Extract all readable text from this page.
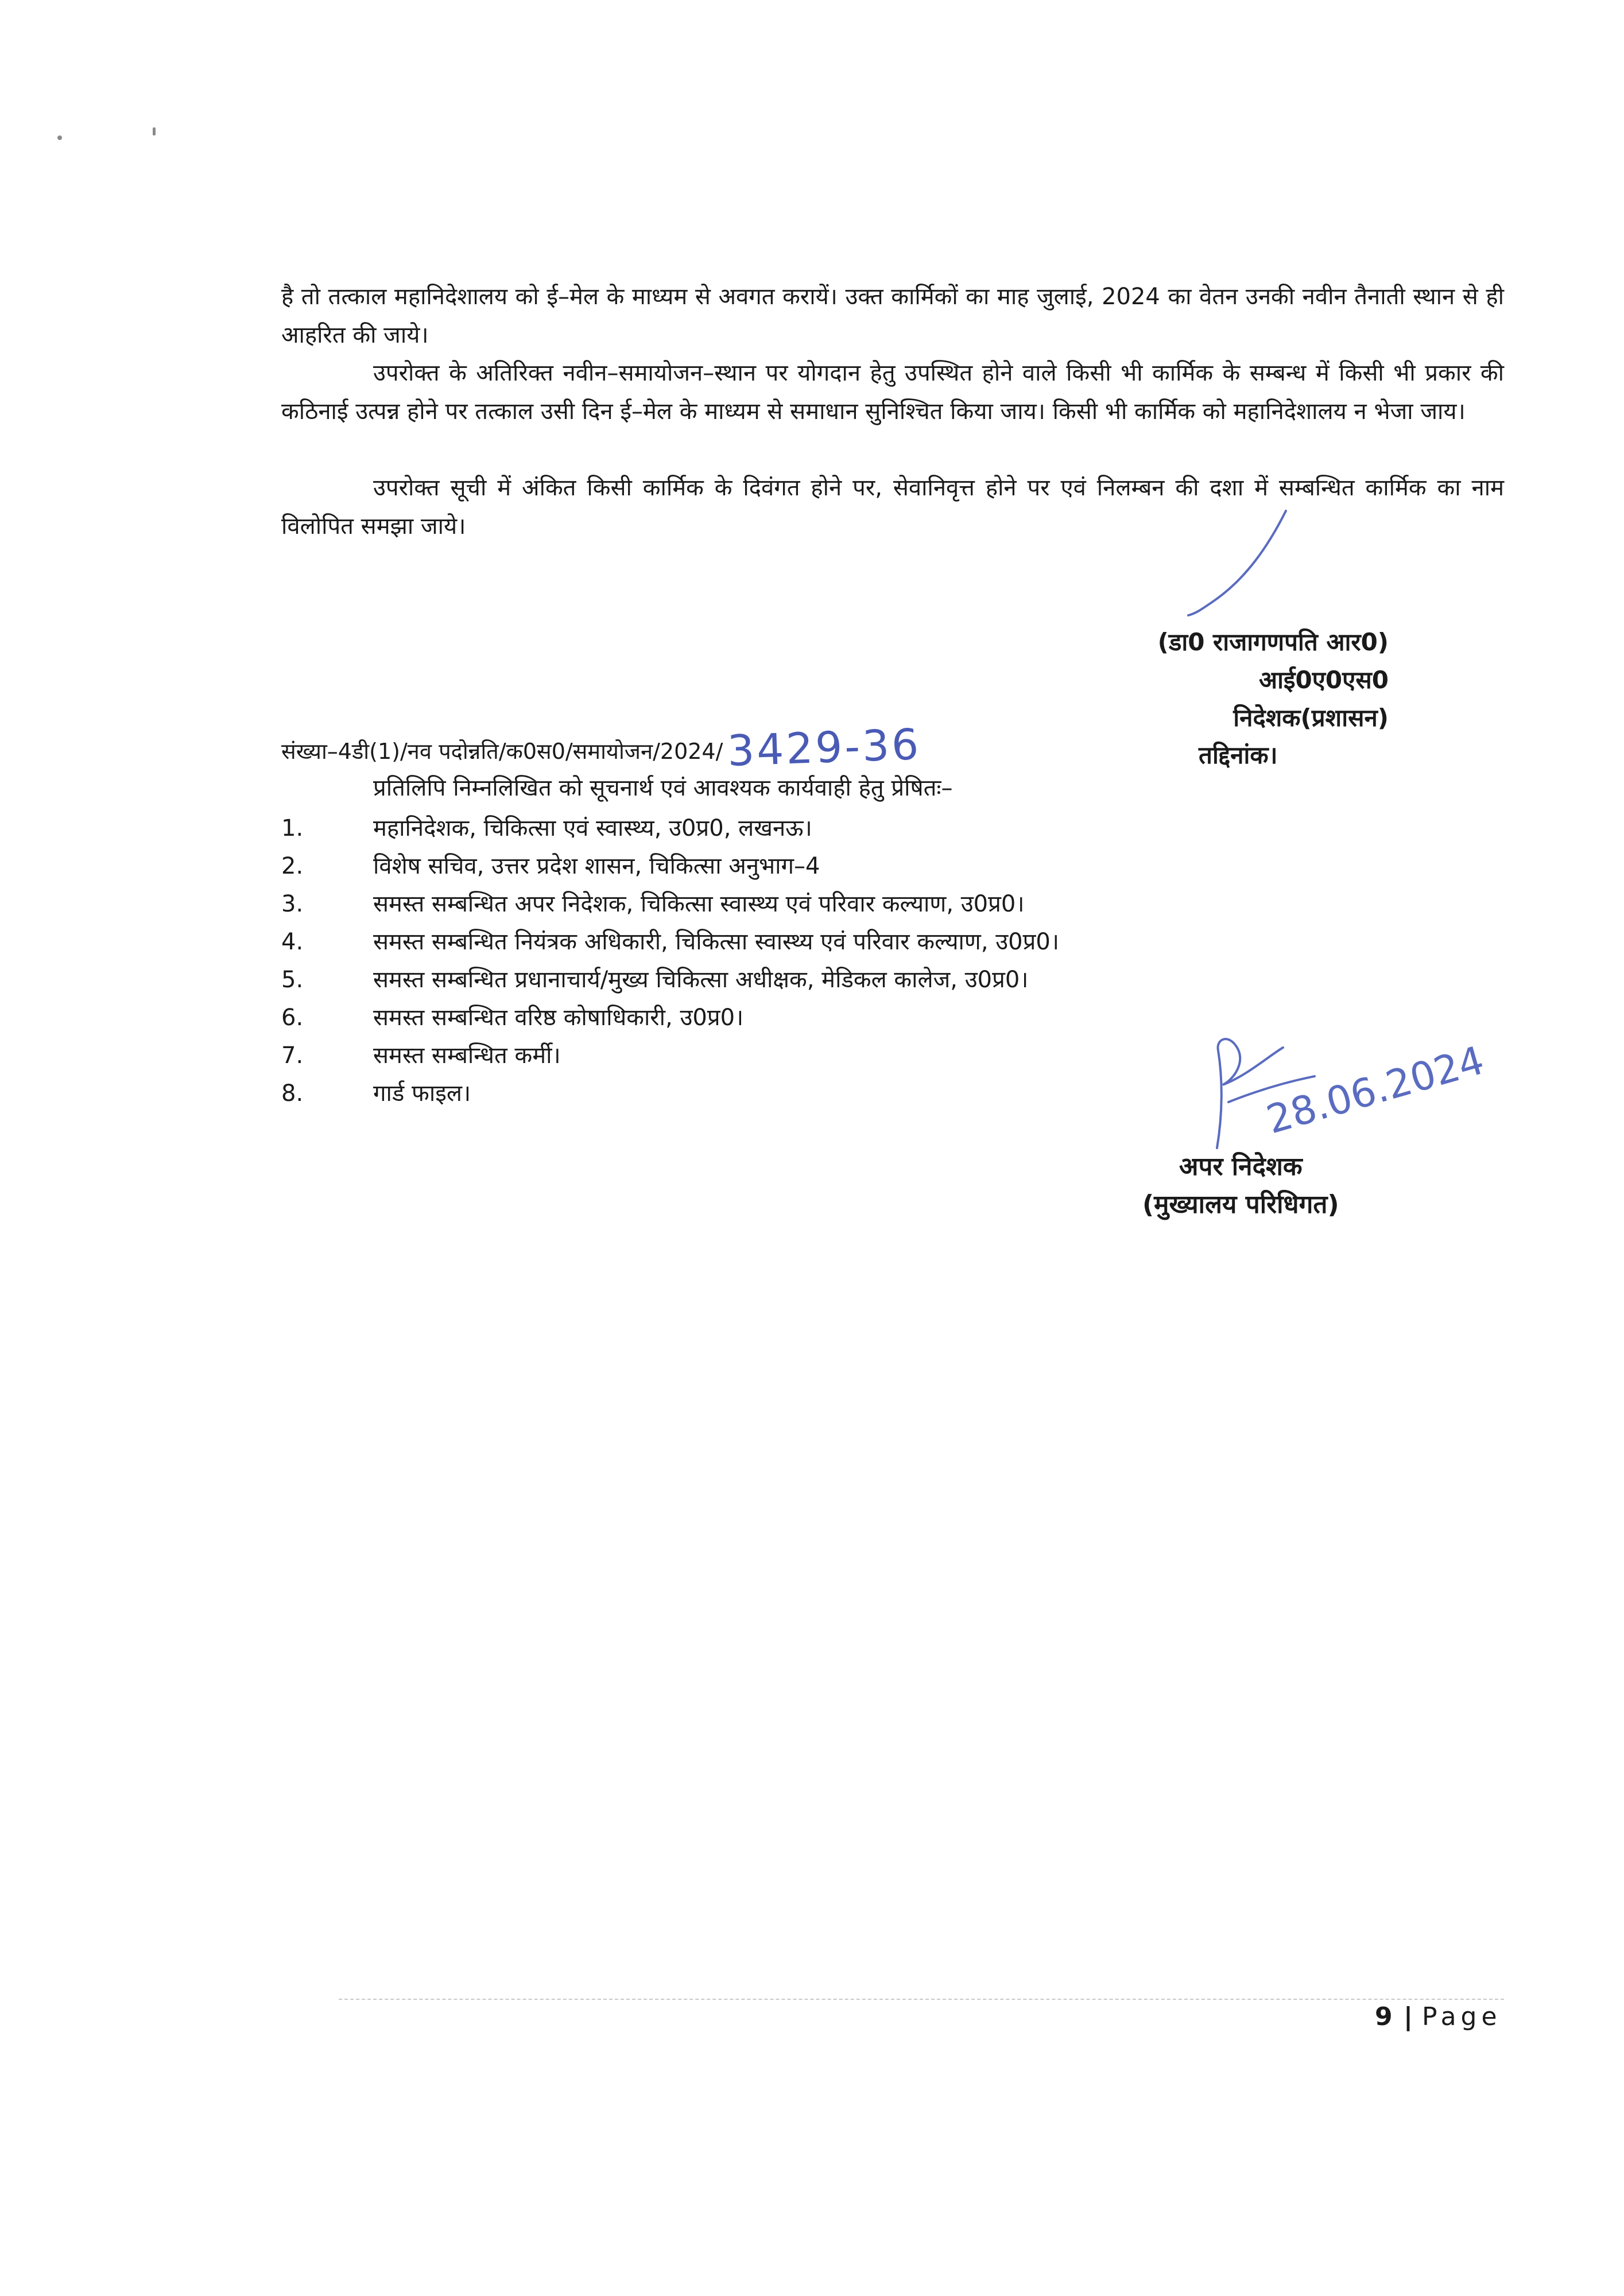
है तो तत्काल महानिदेशालय को ई–मेल के माध्यम से अवगत करायें। उक्त कार्मिकों का माह जुलाई, 2024 का वेतन उनकी नवीन तैनाती स्थान से ही आहरित की जाये।

उपरोक्त के अतिरिक्त नवीन–समायोजन–स्थान पर योगदान हेतु उपस्थित होने वाले किसी भी कार्मिक के सम्बन्ध में किसी भी प्रकार की कठिनाई उत्पन्न होने पर तत्काल उसी दिन ई–मेल के माध्यम से समाधान सुनिश्चित किया जाय। किसी भी कार्मिक को महानिदेशालय न भेजा जाय।

उपरोक्त सूची में अंकित किसी कार्मिक के दिवंगत होने पर, सेवानिवृत्त होने पर एवं निलम्बन की दशा में सम्बन्धित कार्मिक का नाम विलोपित समझा जाये।

(डा0 राजागणपति आर0)
आई0ए0एस0
निदेशक(प्रशासन)
संख्या–4डी(1)/नव पदोन्नति/क0स0/समायोजन/2024/3429-36	तद्दिनांक।
प्रतिलिपि निम्नलिखित को सूचनार्थ एवं आवश्यक कार्यवाही हेतु प्रेषितः–
1.	महानिदेशक, चिकित्सा एवं स्वास्थ्य, उ0प्र0, लखनऊ।
2.	विशेष सचिव, उत्तर प्रदेश शासन, चिकित्सा अनुभाग–4
3.	समस्त सम्बन्धित अपर निदेशक, चिकित्सा स्वास्थ्य एवं परिवार कल्याण, उ0प्र0।
4.	समस्त सम्बन्धित नियंत्रक अधिकारी, चिकित्सा स्वास्थ्य एवं परिवार कल्याण, उ0प्र0।
5.	समस्त सम्बन्धित प्रधानाचार्य/मुख्य चिकित्सा अधीक्षक, मेडिकल कालेज, उ0प्र0।
6.	समस्त सम्बन्धित वरिष्ठ कोषाधिकारी, उ0प्र0।
7.	समस्त सम्बन्धित कर्मी।
8.	गार्ड फाइल।	28.06.2024
अपर निदेशक
(मुख्यालय परिधिगत)
9 | Page
